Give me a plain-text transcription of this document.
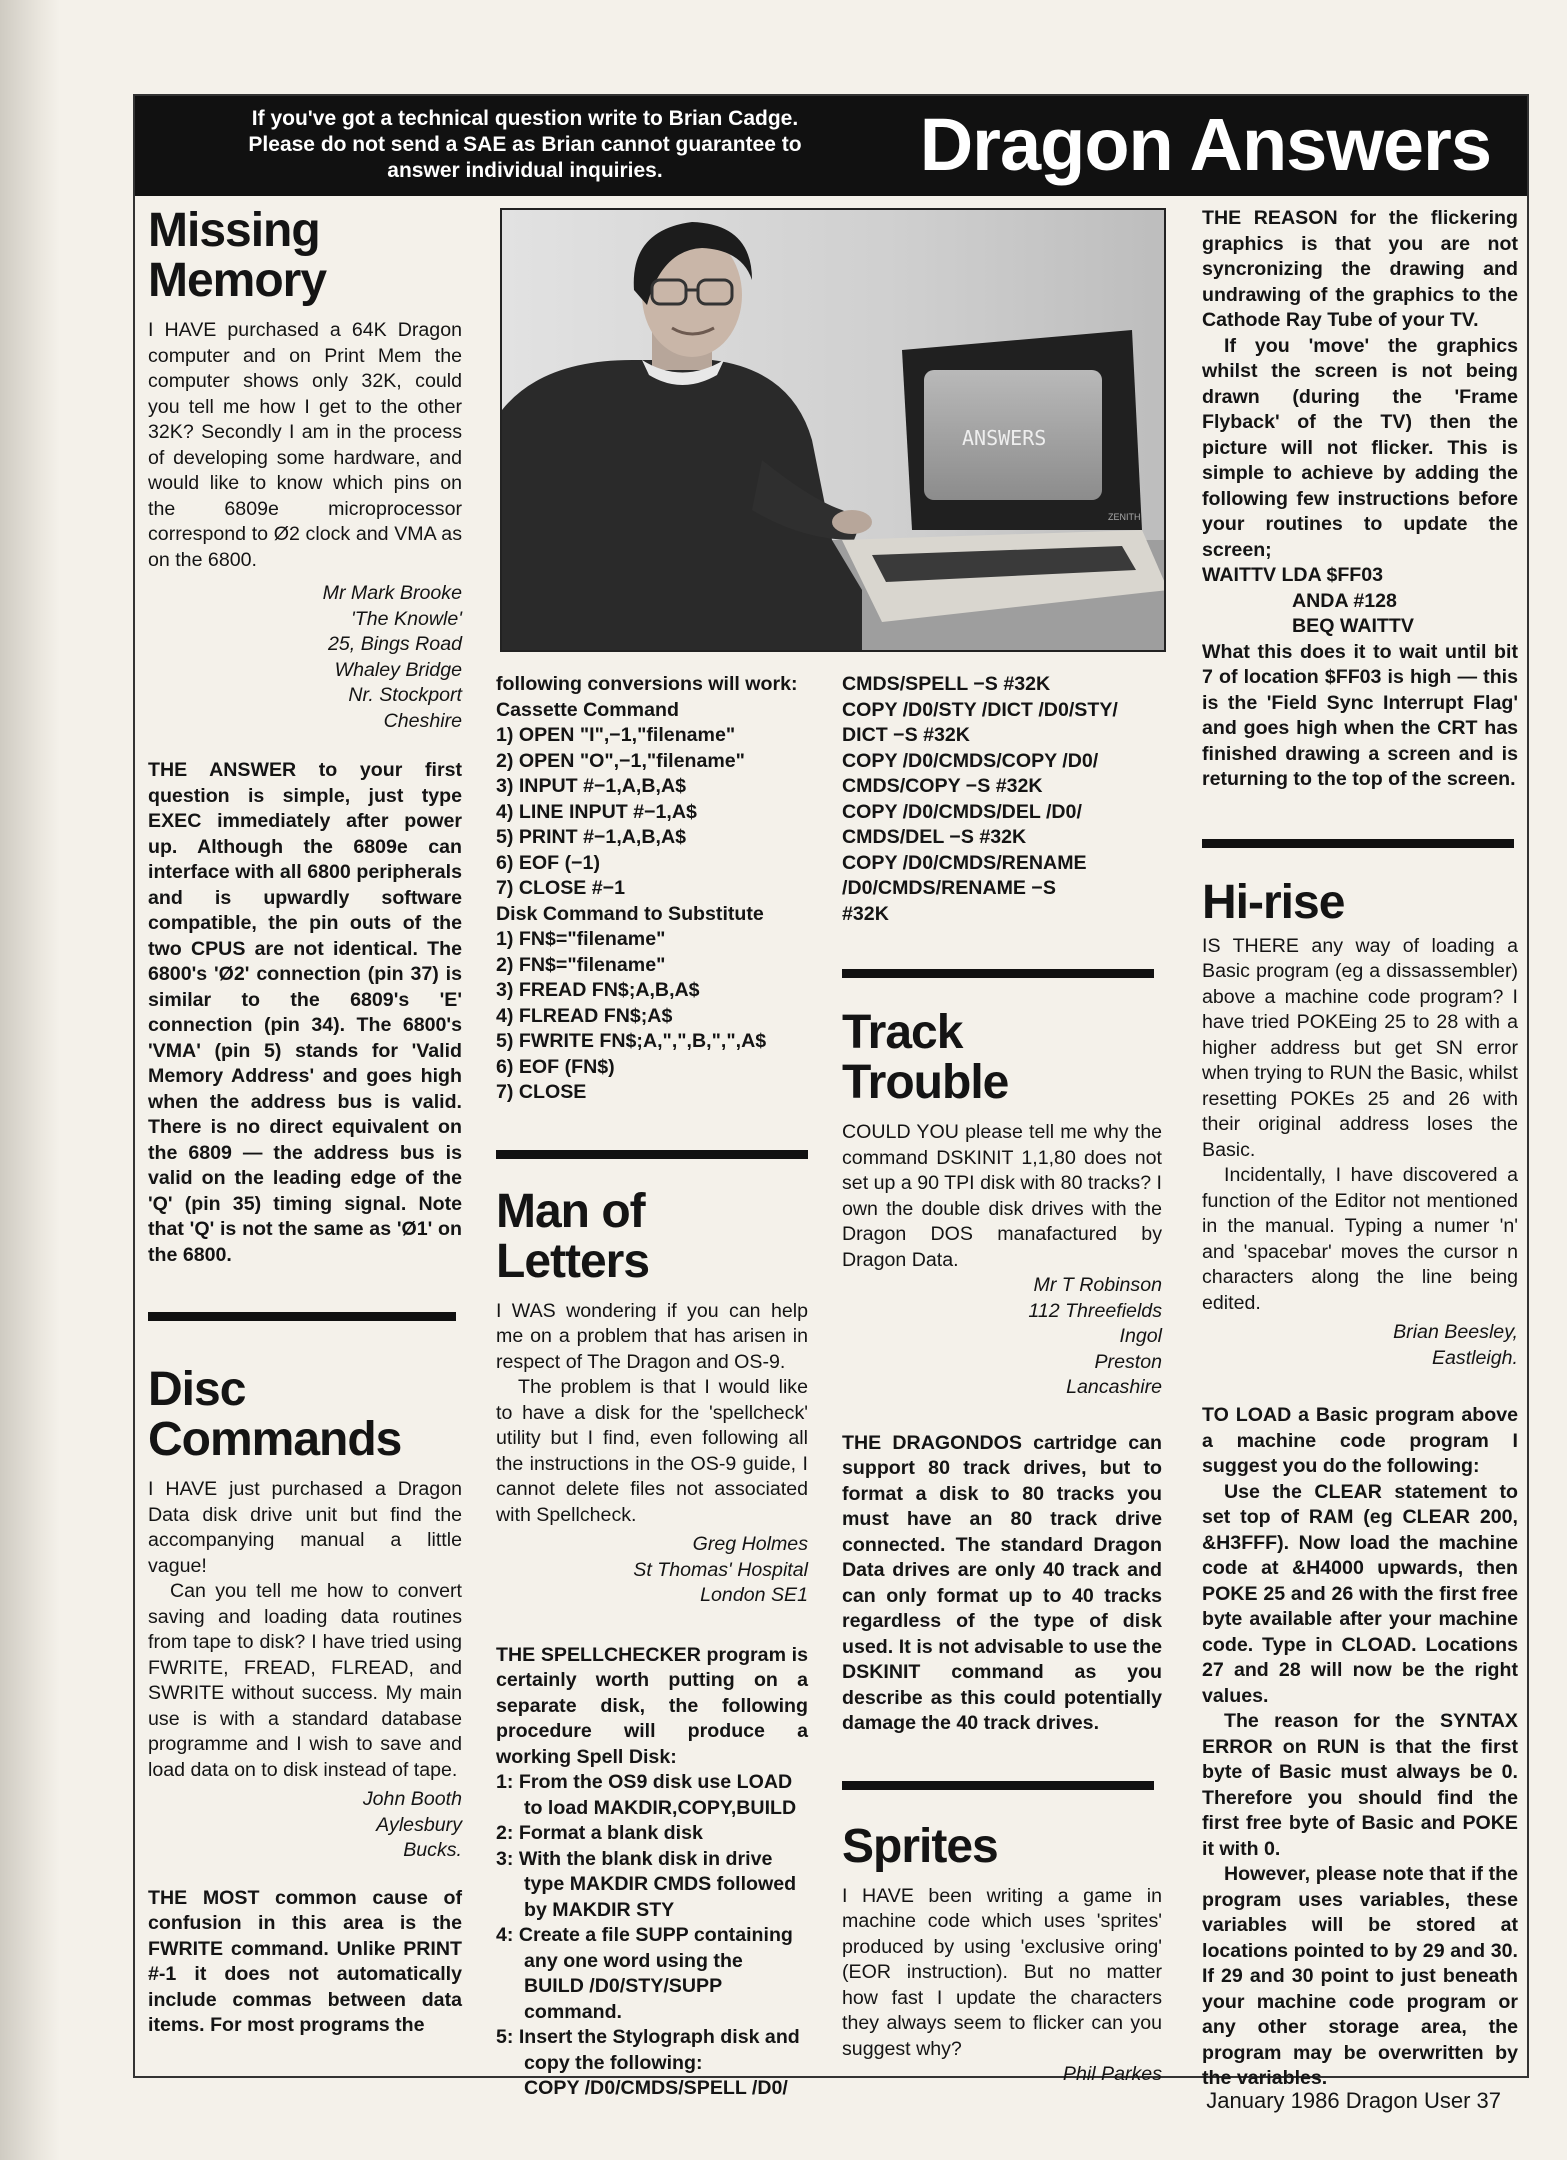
If you've got a technical question write to Brian Cadge.
Please do not send a SAE as Brian cannot guarantee to
answer individual inquiries.	Dragon Answers
Missing
Memory

I HAVE purchased a 64K Dragon computer and on Print Mem the computer shows only 32K, could you tell me how I get to the other 32K? Secondly I am in the process of developing some hardware, and would like to know which pins on the 6809e microprocessor correspond to Ø2 clock and VMA as on the 6800.

Mr Mark Brooke
'The Knowle'
25, Bings Road
Whaley Bridge
Nr. Stockport
Cheshire

THE ANSWER to your first question is simple, just type EXEC immediately after power up. Although the 6809e can interface with all 6800 peripherals and is upwardly software compatible, the pin outs of the two CPUS are not identical. The 6800's 'Ø2' connection (pin 37) is similar to the 6809's 'E' connection (pin 34). The 6800's 'VMA' (pin 5) stands for 'Valid Memory Address' and goes high when the address bus is valid. There is no direct equivalent on the 6809 — the address bus is valid on the leading edge of the 'Q' (pin 35) timing signal. Note that 'Q' is not the same as 'Ø1' on the 6800.

Disc
Commands

I HAVE just purchased a Dragon Data disk drive unit but find the accompanying manual a little vague!

Can you tell me how to convert saving and loading data routines from tape to disk? I have tried using FWRITE, FREAD, FLREAD, and SWRITE without success. My main use is with a standard database programme and I wish to save and load data on to disk instead of tape.

John Booth
Aylesbury
Bucks.

THE MOST common cause of confusion in this area is the FWRITE command. Unlike PRINT #-1 it does not automatically include commas between data items. For most programs the

ANSWERS
ZENITH

following conversions will work:

Cassette Command
1) OPEN "I",−1,"filename"
2) OPEN "O",−1,"filename"
3) INPUT #−1,A,B,A$
4) LINE INPUT #−1,A$
5) PRINT #−1,A,B,A$
6) EOF (−1)
7) CLOSE #−1
Disk Command to Substitute
1) FN$="filename"
2) FN$="filename"
3) FREAD FN$;A,B,A$
4) FLREAD FN$;A$
5) FWRITE FN$;A,",",B,",",A$
6) EOF (FN$)
7) CLOSE
Man of
Letters

I WAS wondering if you can help me on a problem that has arisen in respect of The Dragon and OS-9.

The problem is that I would like to have a disk for the 'spellcheck' utility but I find, even following all the instructions in the OS-9 guide, I cannot delete files not associated with Spellcheck.

Greg Holmes
St Thomas' Hospital
London SE1

THE SPELLCHECKER program is certainly worth putting on a separate disk, the following procedure will produce a working Spell Disk:

1: From the OS9 disk use LOAD to load MAKDIR,COPY,BUILD
2: Format a blank disk
3: With the blank disk in drive type MAKDIR CMDS followed by MAKDIR STY
4: Create a file SUPP containing any one word using the BUILD /D0/STY/SUPP command.
5: Insert the Stylograph disk and copy the following:
COPY /D0/CMDS/SPELL /D0/
CMDS/SPELL −S #32K
COPY /D0/STY /DICT /D0/STY/
DICT −S #32K
COPY /D0/CMDS/COPY /D0/
CMDS/COPY −S #32K
COPY /D0/CMDS/DEL /D0/
CMDS/DEL −S #32K
COPY /D0/CMDS/RENAME
/D0/CMDS/RENAME −S
#32K
Track
Trouble

COULD YOU please tell me why the command DSKINIT 1,1,80 does not set up a 90 TPI disk with 80 tracks? I own the double disk drives with the Dragon DOS manafactured by Dragon Data.

Mr T Robinson
112 Threefields
Ingol
Preston
Lancashire

THE DRAGONDOS cartridge can support 80 track drives, but to format a disk to 80 tracks you must have an 80 track drive connected. The standard Dragon Data drives are only 40 track and can only format up to 40 tracks regardless of the type of disk used. It is not advisable to use the DSKINIT command as you describe as this could potentially damage the 40 track drives.

Sprites

I HAVE been writing a game in machine code which uses 'sprites' produced by using 'exclusive oring' (EOR instruction). But no matter how fast I update the characters they always seem to flicker can you suggest why?

Phil Parkes

THE REASON for the flickering graphics is that you are not syncronizing the drawing and undrawing of the graphics to the Cathode Ray Tube of your TV.

If you 'move' the graphics whilst the screen is not being drawn (during the 'Frame Flyback' of the TV) then the picture will not flicker. This is simple to achieve by adding the following few instructions before your routines to update the screen;

WAITTV LDA $FF03
ANDA #128
BEQ WAITTV

What this does it to wait until bit 7 of location $FF03 is high — this is the 'Field Sync Interrupt Flag' and goes high when the CRT has finished drawing a screen and is returning to the top of the screen.

Hi-rise

IS THERE any way of loading a Basic program (eg a dissassembler) above a machine code program? I have tried POKEing 25 to 28 with a higher address but get SN error when trying to RUN the Basic, whilst resetting POKEs 25 and 26 with their original address loses the Basic.

Incidentally, I have discovered a function of the Editor not mentioned in the manual. Typing a numer 'n' and 'spacebar' moves the cursor n characters along the line being edited.

Brian Beesley,
Eastleigh.

TO LOAD a Basic program above a machine code program I suggest you do the following:

Use the CLEAR statement to set top of RAM (eg CLEAR 200, &H3FFF). Now load the machine code at &H4000 upwards, then POKE 25 and 26 with the first free byte available after your machine code. Type in CLOAD. Locations 27 and 28 will now be the right values.

The reason for the SYNTAX ERROR on RUN is that the first byte of Basic must always be 0. Therefore you should find the first free byte of Basic and POKE it with 0.

However, please note that if the program uses variables, these variables will be stored at locations pointed to by 29 and 30. If 29 and 30 point to just beneath your machine code program or any other storage area, the program may be overwritten by the variables.

January 1986 Dragon User 37
